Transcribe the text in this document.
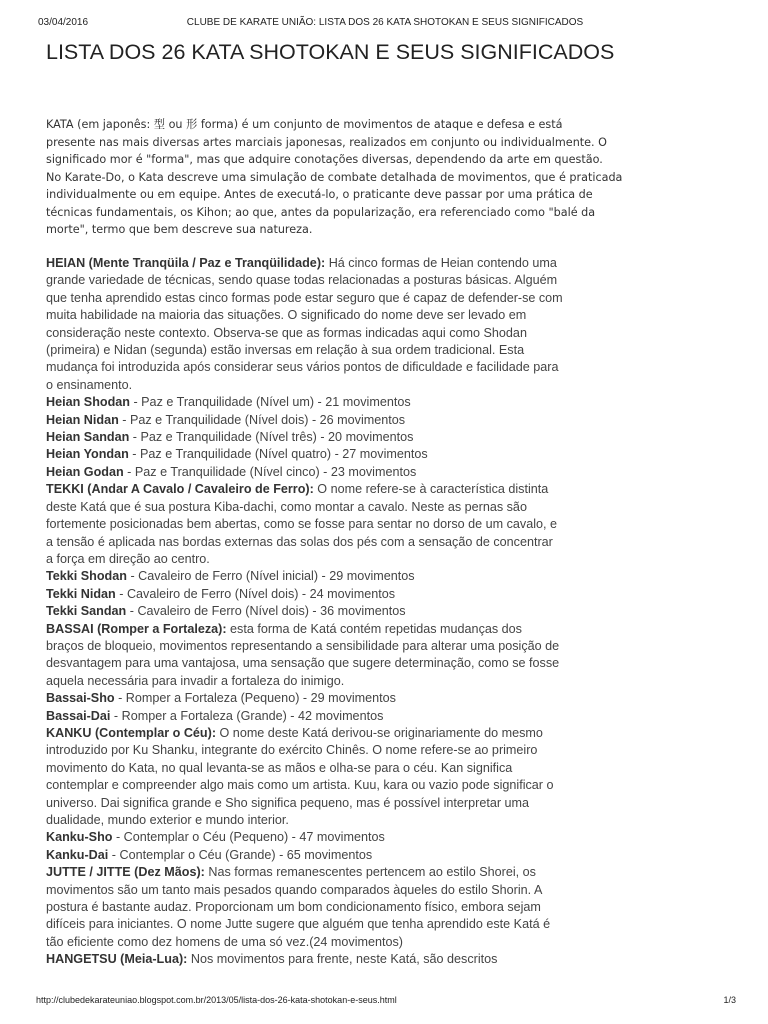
03/04/2016	CLUBE DE KARATE UNIÃO: LISTA DOS 26 KATA SHOTOKAN E SEUS SIGNIFICADOS
LISTA DOS 26 KATA SHOTOKAN E SEUS SIGNIFICADOS
KATA (em japonês: 型 ou 形 forma) é um conjunto de movimentos de ataque e defesa e está
presente nas mais diversas artes marciais japonesas, realizados em conjunto ou individualmente. O
significado mor é "forma", mas que adquire conotações diversas, dependendo da arte em questão.
No Karate-Do, o Kata descreve uma simulação de combate detalhada de movimentos, que é praticada
individualmente ou em equipe. Antes de executá-lo, o praticante deve passar por uma prática de
técnicas fundamentais, os Kihon; ao que, antes da popularização, era referenciado como "balé da
morte", termo que bem descreve sua natureza.
HEIAN (Mente Tranqüila / Paz e Tranqüilidade): Há cinco formas de Heian contendo uma
grande variedade de técnicas, sendo quase todas relacionadas a posturas básicas. Alguém
que tenha aprendido estas cinco formas pode estar seguro que é capaz de defender-se com
muita habilidade na maioria das situações. O significado do nome deve ser levado em
consideração neste contexto. Observa-se que as formas indicadas aqui como Shodan
(primeira) e Nidan (segunda) estão inversas em relação à sua ordem tradicional. Esta
mudança foi introduzida após considerar seus vários pontos de dificuldade e facilidade para
o ensinamento.
Heian Shodan - Paz e Tranquilidade (Nível um) - 21 movimentos
Heian Nidan - Paz e Tranquilidade (Nível dois) - 26 movimentos
Heian Sandan - Paz e Tranquilidade (Nível três) - 20 movimentos
Heian Yondan - Paz e Tranquilidade (Nível quatro) - 27 movimentos
Heian Godan - Paz e Tranquilidade (Nível cinco) - 23 movimentos
TEKKI (Andar A Cavalo / Cavaleiro de Ferro): O nome refere-se à característica distinta
deste Katá que é sua postura Kiba-dachi, como montar a cavalo. Neste as pernas são
fortemente posicionadas bem abertas, como se fosse para sentar no dorso de um cavalo, e
a tensão é aplicada nas bordas externas das solas dos pés com a sensação de concentrar
a força em direção ao centro.
Tekki Shodan - Cavaleiro de Ferro (Nível inicial) - 29 movimentos
Tekki Nidan - Cavaleiro de Ferro (Nível dois) - 24 movimentos
Tekki Sandan - Cavaleiro de Ferro (Nível dois) - 36 movimentos
BASSAI (Romper a Fortaleza): esta forma de Katá contém repetidas mudanças dos
braços de bloqueio, movimentos representando a sensibilidade para alterar uma posição de
desvantagem para uma vantajosa, uma sensação que sugere determinação, como se fosse
aquela necessária para invadir a fortaleza do inimigo.
Bassai-Sho - Romper a Fortaleza (Pequeno) - 29 movimentos
Bassai-Dai - Romper a Fortaleza (Grande) - 42 movimentos
KANKU (Contemplar o Céu): O nome deste Katá derivou-se originariamente do mesmo
introduzido por Ku Shanku, integrante do exército Chinês. O nome refere-se ao primeiro
movimento do Kata, no qual levanta-se as mãos e olha-se para o céu. Kan significa
contemplar e compreender algo mais como um artista. Kuu, kara ou vazio pode significar o
universo. Dai significa grande e Sho significa pequeno, mas é possível interpretar uma
dualidade, mundo exterior e mundo interior.
Kanku-Sho - Contemplar o Céu (Pequeno) - 47 movimentos
Kanku-Dai - Contemplar o Céu (Grande) - 65 movimentos
JUTTE / JITTE (Dez Mãos): Nas formas remanescentes pertencem ao estilo Shorei, os
movimentos são um tanto mais pesados quando comparados àqueles do estilo Shorin. A
postura é bastante audaz. Proporcionam um bom condicionamento físico, embora sejam
difíceis para iniciantes. O nome Jutte sugere que alguém que tenha aprendido este Katá é
tão eficiente como dez homens de uma só vez.(24 movimentos)
HANGETSU (Meia-Lua): Nos movimentos para frente, neste Katá, são descritos
http://clubedekarateuniao.blogspot.com.br/2013/05/lista-dos-26-kata-shotokan-e-seus.html	1/3
